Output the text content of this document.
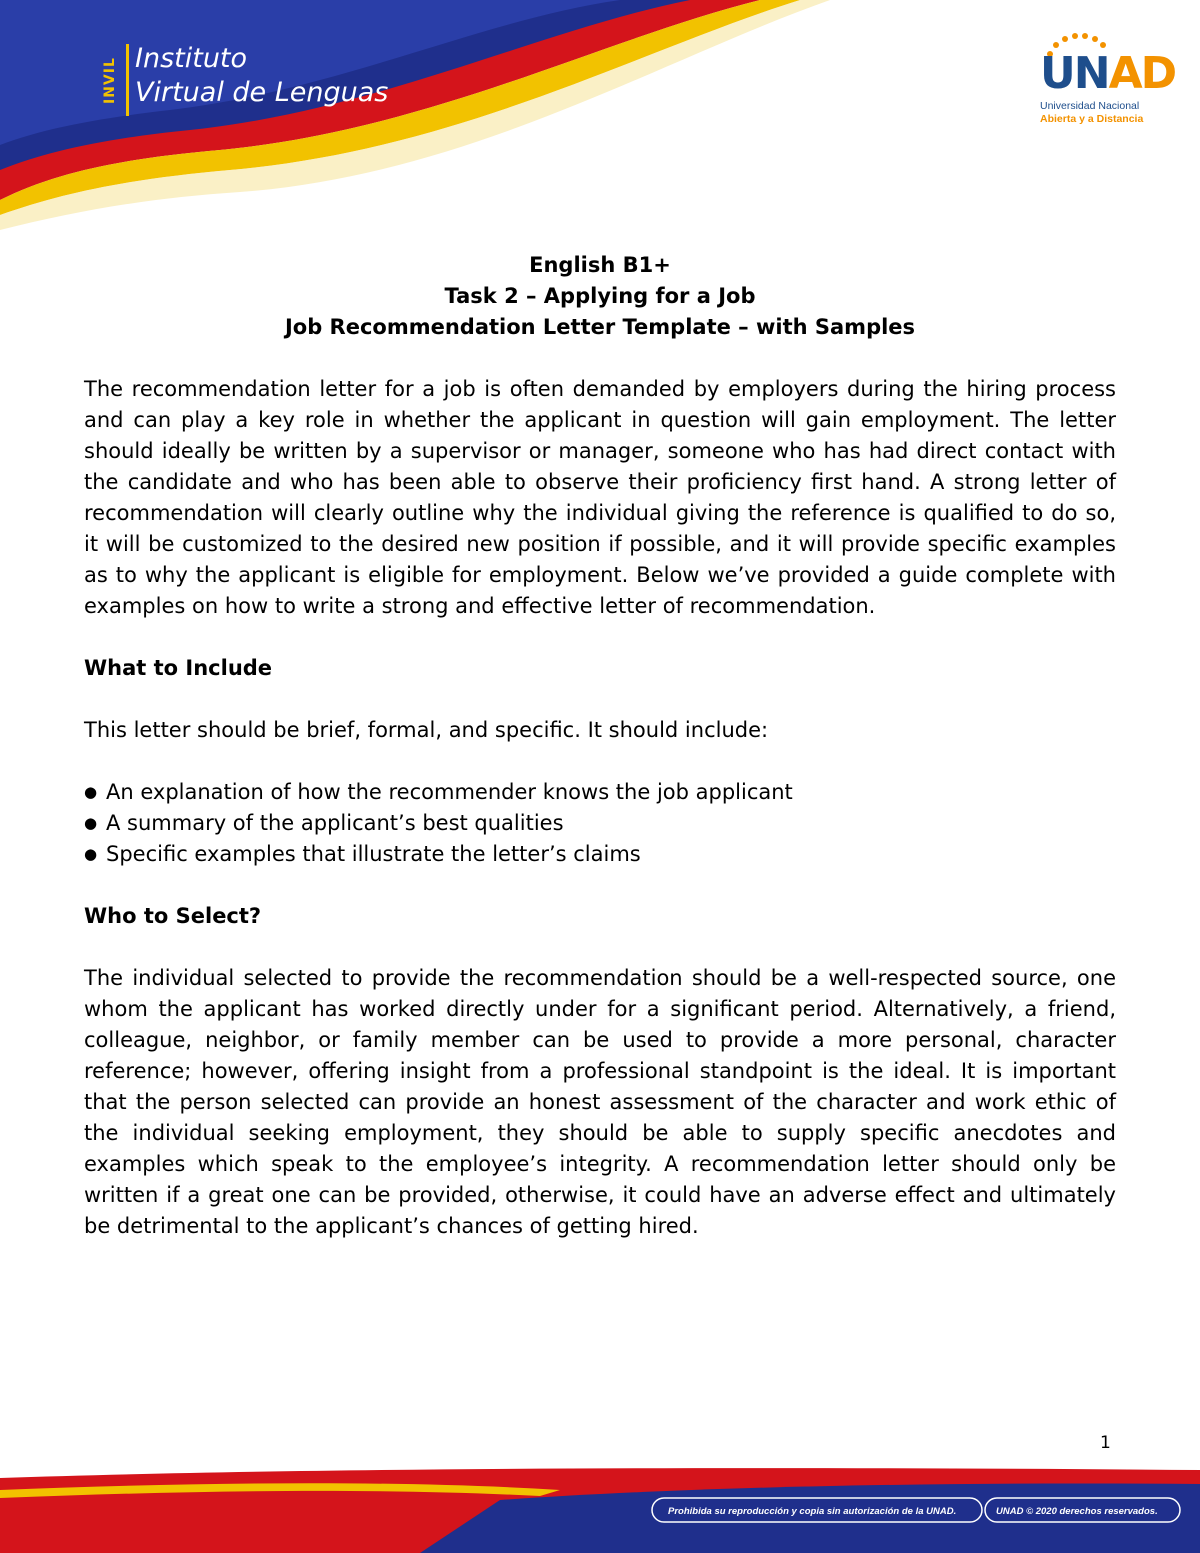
INVIL Instituto
Virtual de Lenguas	UNAD
Universidad Nacional
Abierta y a Distancia
English B1+
Task 2 – Applying for a Job
Job Recommendation Letter Template – with Samples

The recommendation letter for a job is often demanded by employers during the hiring process and can play a key role in whether the applicant in question will gain employment. The letter should ideally be written by a supervisor or manager, someone who has had direct contact with the candidate and who has been able to observe their proficiency first hand. A strong letter of recommendation will clearly outline why the individual giving the reference is qualified to do so, it will be customized to the desired new position if possible, and it will provide specific examples as to why the applicant is eligible for employment. Below we’ve provided a guide complete with examples on how to write a strong and effective letter of recommendation.

What to Include

This letter should be brief, formal, and specific. It should include:

● An explanation of how the recommender knows the job applicant
● A summary of the applicant’s best qualities
● Specific examples that illustrate the letter’s claims
Who to Select?

The individual selected to provide the recommendation should be a well-respected source, one whom the applicant has worked directly under for a significant period. Alternatively, a friend, colleague, neighbor, or family member can be used to provide a more personal, character reference; however, offering insight from a professional standpoint is the ideal. It is important that the person selected can provide an honest assessment of the character and work ethic of the individual seeking employment, they should be able to supply specific anecdotes and examples which speak to the employee’s integrity. A recommendation letter should only be written if a great one can be provided, otherwise, it could have an adverse effect and ultimately be detrimental to the applicant’s chances of getting hired.

1
Prohibida su reproducción y copia sin autorización de la UNAD.	UNAD © 2020 derechos reservados.
